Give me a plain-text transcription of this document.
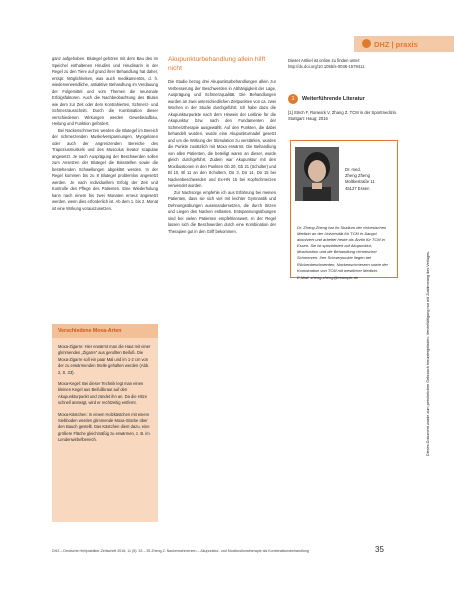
DHZ | praxis

ganz aufgehoben. Blutegel gehören mit dem Bau des im Speichel enthaltenen Hirudins und Hirudinarin in der Regel zu den Tiere auf grund ihrer Behandlung hat daher, entspr. Möglichkeiten, was auch medikamentös, d. h. wiederverwendliche, antiaktive Behandlung im Verdauung der Folgemittel und vom Themen die neuronale Erfolgsfaktoren. Auch die Nachbeobachtung des Blutes wie dem zur Zeit oder dem Kontrahierten, Schmerz- und Schmerzausschnitt. Durch die Kombination dieser verschiedenen Wirkungen werden Gewebeaufbau, Heilung und Funktion gefördert.

Bei Nackenschmerzen werden die Blutegel im Bereich der schmerzenden Muskelverspannungen, Myogelosen oder auch der angrenzenden Bereiche des Trapeziusmuskels und des Musculus levator scapulae angesetzt. Je nach Ausprägung der Beschwerden sollen zum Ansetzen der Blutegel die Bissstellen sowie die bestehenden Schwellungen abgeklärt werden. In der Regel kommen bis zu 8 Blutegel problemlos angesetzt werden. Je nach individuellem Erfolg der Zeit und Kontrolle des Pflege des Patienten. Eine Wiederholung kann nach einem bis zwei Monaten erneut angesetzt werden, wenn dies erforderlich ist. Ab dem 1. bis 2. Monat ist eine Wirkung vorauszusetzen.

Verschiedene Moxa-Arten

Moxa-Zigarre: Hier erwärmt man die Haut mit einer glimmenden „Zigarre“ aus gerollten Beifuß. Die Moxa-Zigarre soll ein paar Mal und im 1-2 cm von der zu erwärmenden Stelle gehalten werden (Abb. 2, S. 33).

Moxa-Kegel: Bei dieser Technik legt man einen kleinen Kegel aus Beifußkraut auf den Akupunkturpunkt und zündet ihn an. Da die Hitze schnell ansteigt, wird er rechtzeitig entfernt.

Moxa-Kästchen: In einem Holzkästchen mit einem Siebboden werden glimmende Moxa-Stücke über den Bauch gestellt. Das Kästchen dient dazu, eine größere Fläche gleichmäßig zu erwärmen, z. B. im Lendenwirbelbereich.

Akupunkturbehandlung allein hilft nicht

Die Studie bezog drei Akupunkturbehandlungen allein zur Verbesserung der Beschwerden in Abhängigkeit der Lage, Ausprägung und Schmerzqualität. Die Behandlungen wurden an zwei unterschiedlichen Zeitpunkten von ca. zwei Wochen in der Studie durchgeführt. Ich habe dazu die Akupunkturpunkte nach dem Hinweis der Leitlinie für die Akupunktur bzw. nach den Fundamenten der Schmerztherapie ausgewählt. Auf den Punkten, die dabei behandelt wurden, wurde eine Akupunkturnadel gesetzt und um die Wirkung der Stimulation zu verstärken, wurden die Punkte zusätzlich mit Moxa erwärmt. Die Behandlung von allen Patienten, die beteiligt waren an dieser, wurde gleich durchgeführt. Zudem war Akupunktur mit den Moxibustionen in den Punkten Gb 20, Gb 21 (Schulter) und Bl 10, Bl 11 an den Schultern, Dü 3, Dü 14, Dü 15 bei Nackenbeschwerden und Ex-HN 15 bei Kopfschmerzen verwendet worden.

Zur Nachsorge empfehle ich aus Erfahrung bei meinen Patienten, dass sie sich viel mit leichter Gymnastik und Dehnungsübungen auseinandersetzen, die durch Sitzen und Liegen den Nacken entlasten. Entspannungsübungen sind bei vielen Patienten empfehlenswert. In der Regel lassen sich die Beschwerden durch eine Kombination der Therapien gut in den Griff bekommen.

Dieser Artikel ist online zu finden unter:
http://dx.doi.org/10.1055/s-0036-1579411
1	Weiterführende Literatur
[1] Strich F, Ranwick V, Zhang Z. TCM in der Sportmedizin. Stuttgart: Haug; 2016
Dr. med.
Zheng Zheng
Moltkestraße 11
45127 Essen
Dr. Zheng Zheng hat ihr Studium der chinesischen Medizin an der Universität für TCM in Jiangxi absolviert und arbeitet heute als Ärztin für TCM in Essen. Sie ist spezialisiert auf Akupunktur, Moxibustion und die Behandlung chronischer Schmerzen. Ihre Schwerpunkte liegen bei Rückenbeschwerden, Nackenschmerzen sowie der Kombination von TCM mit westlicher Medizin.
E-Mail: zheng.zheng@example.de
DHZ – Deutsche Heilpraktiker-Zeitschrift 2016; 11 (5): 33 – 35 Zheng Z. Nackenschmerzen – Akupunktur- und Moxibustionstherapie als Kombinationsbehandlung	35
Dieses Dokument wurde zum persönlichen Gebrauch heruntergeladen. Vervielfältigung nur mit Zustimmung des Verlages.
